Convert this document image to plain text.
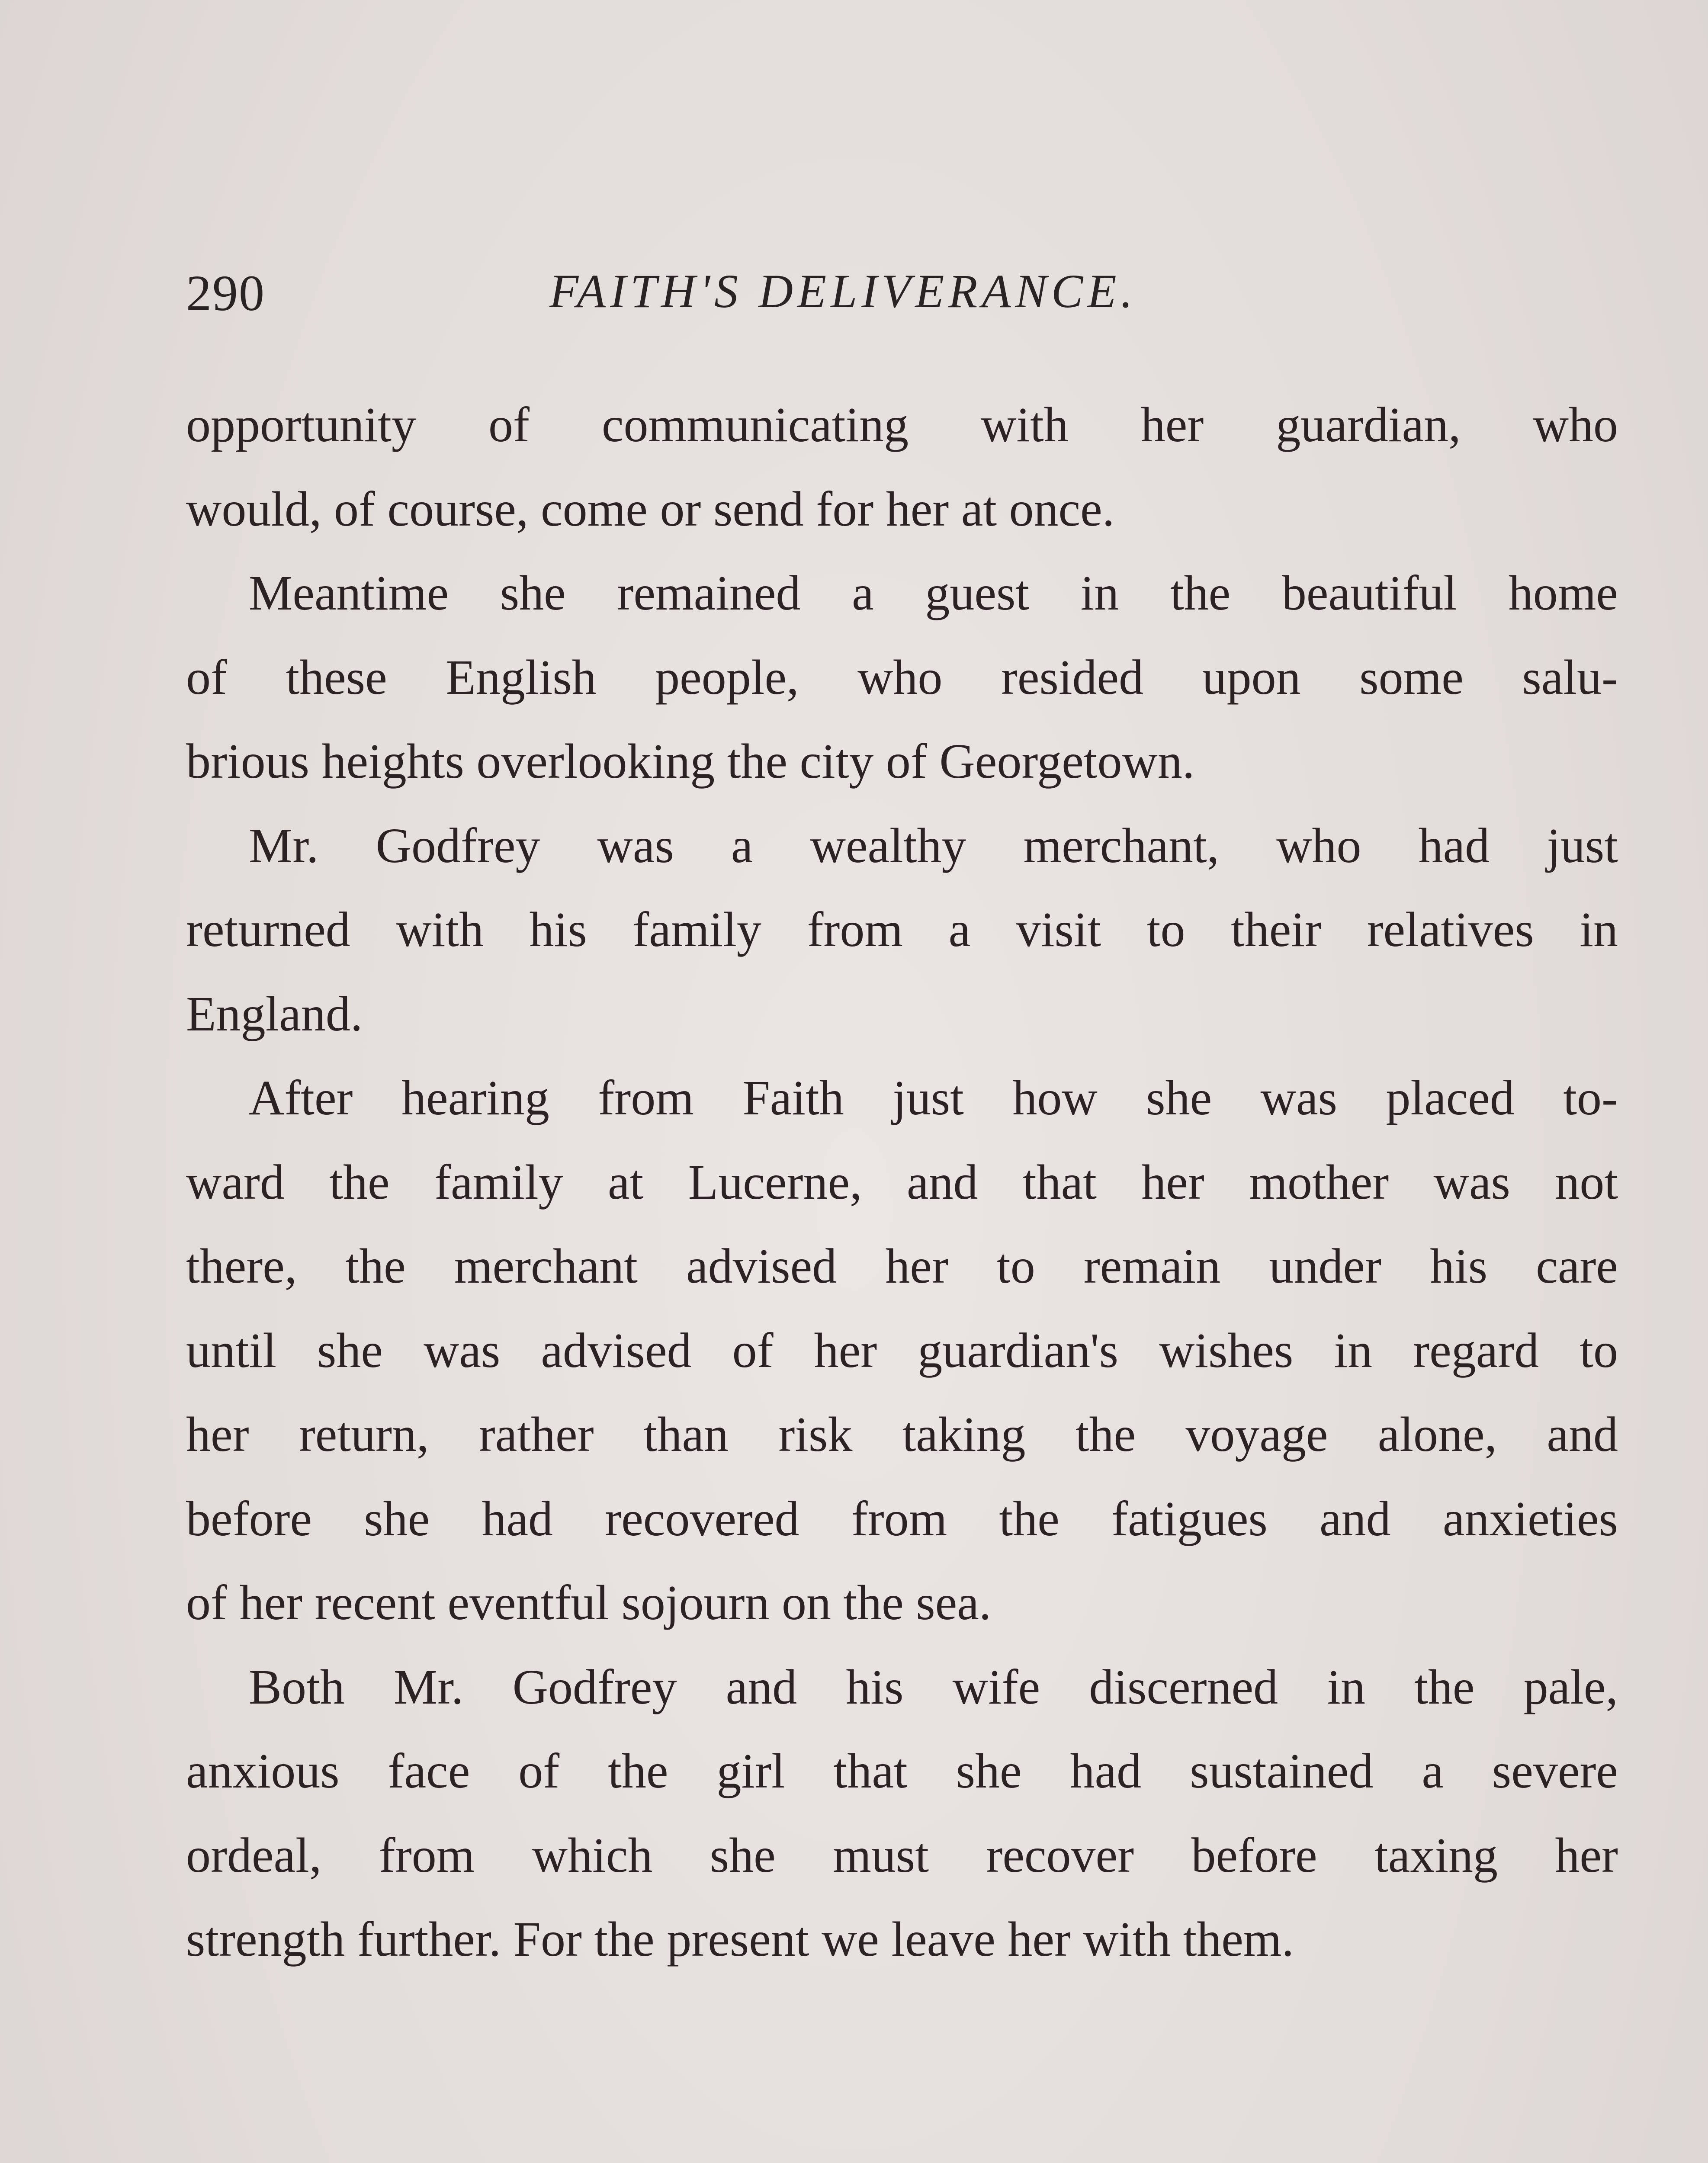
290	FAITH'S DELIVERANCE.

opportunity of communicating with her guardian, who
would, of course, come or send for her at once.

Meantime she remained a guest in the beautiful home
of these English people, who resided upon some salu-
brious heights overlooking the city of Georgetown.

Mr. Godfrey was a wealthy merchant, who had just
returned with his family from a visit to their relatives in
England.

After hearing from Faith just how she was placed to-
ward the family at Lucerne, and that her mother was not
there, the merchant advised her to remain under his care
until she was advised of her guardian's wishes in regard to
her return, rather than risk taking the voyage alone, and
before she had recovered from the fatigues and anxieties
of her recent eventful sojourn on the sea.

Both Mr. Godfrey and his wife discerned in the pale,
anxious face of the girl that she had sustained a severe
ordeal, from which she must recover before taxing her
strength further. For the present we leave her with them.
